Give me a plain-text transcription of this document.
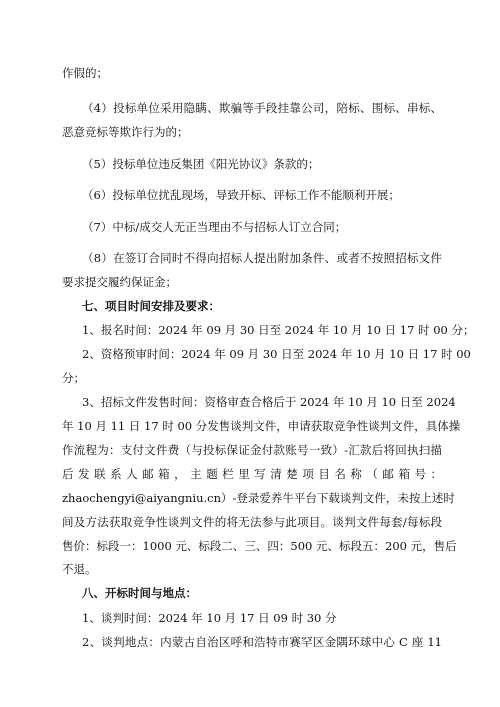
作假的；
（4）投标单位采用隐瞒、欺骗等手段挂靠公司，陪标、围标、串标、
恶意竞标等欺诈行为的；
（5）投标单位违反集团《阳光协议》条款的；
（6）投标单位扰乱现场，导致开标、评标工作不能顺利开展；
（7）中标/成交人无正当理由不与招标人订立合同；
（8）在签订合同时不得向招标人提出附加条件、或者不按照招标文件
要求提交履约保证金；
七、项目时间安排及要求：
1、报名时间：2024 年 09 月 30 日至 2024 年 10 月 10 日 17 时 00 分；
2、资格预审时间：2024 年 09 月 30 日至 2024 年 10 月 10 日 17 时 00
分；
3、招标文件发售时间：资格审查合格后于 2024 年 10 月 10 日至 2024
年 10 月 11 日 17 时 00 分发售谈判文件，申请获取竞争性谈判文件，具体操
作流程为：支付文件费（与投标保证金付款账号一致）-汇款后将回执扫描
后 发 联 系 人 邮 箱 ， 主 题 栏 里 写 清 楚 项 目 名 称 （ 邮 箱 号 ：
zhaochengyi@aiyangniu.cn）-登录爱养牛平台下载谈判文件，未按上述时
间及方法获取竞争性谈判文件的将无法参与此项目。谈判文件每套/每标段
售价：标段一：1000 元、标段二、三、四：500 元、标段五：200 元，售后
不退。
八、开标时间与地点：
1、谈判时间：2024 年 10 月 17 日 09 时 30 分
2、谈判地点：内蒙古自治区呼和浩特市赛罕区金隅环球中心 C 座 11
